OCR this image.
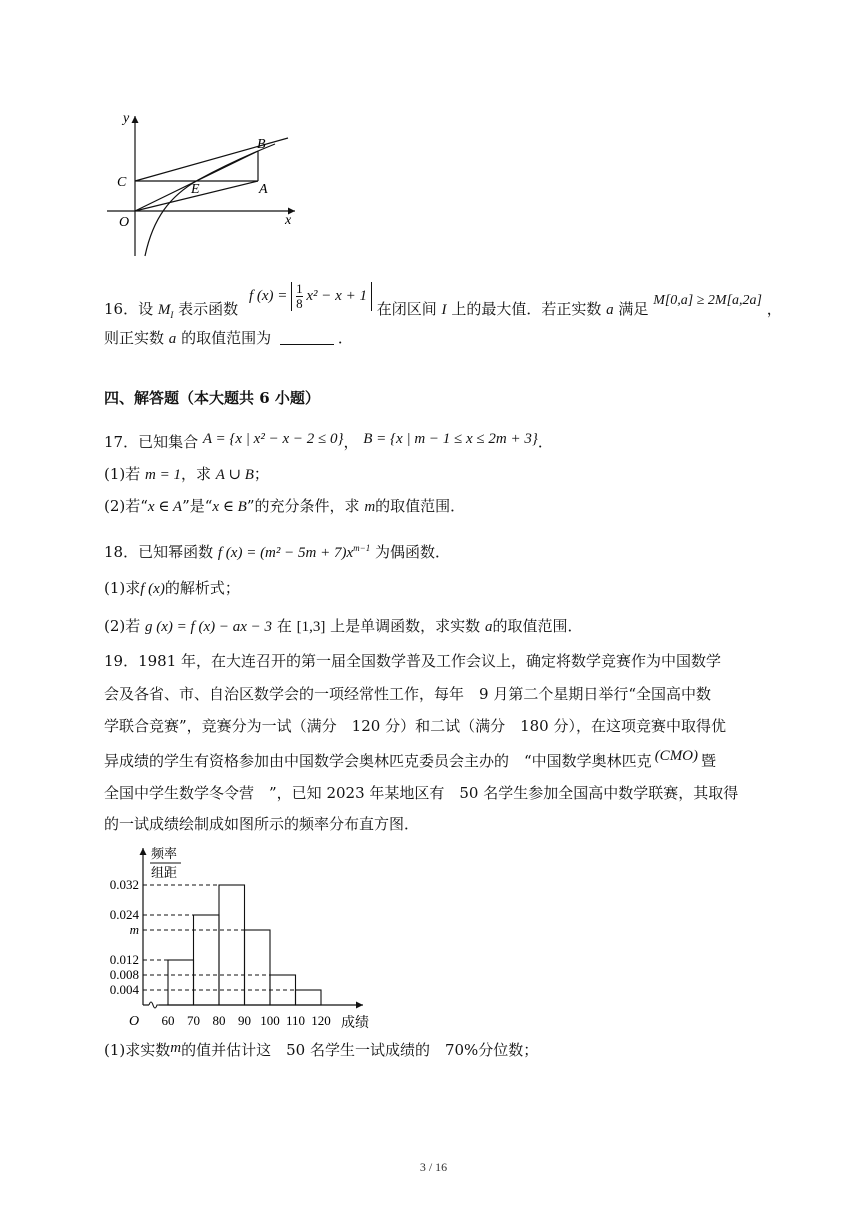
y
x
B
C	E	A
O
16．设 $M_I$ 表示函数 f $(x) = \frac{1}{8} x^2 - x + 1$ 在闭区间 I 上的最大值．若正实数 a 满足 M[0,a] ≥ 2M[a,2a] ，
则正实数 a 的取值范围为	．
四、解答题（本大题共 6 小题）
17．已知集合 A = {x | x² − x − 2 ≤ 0}， B = {x | m − 1 ≤ x ≤ 2m + 3}．
(1)若 m = 1，求 A ∪ B；
(2)若“x ∈ A”是“x ∈ B”的充分条件，求 m的取值范围．
18．已知幂函数 f $(x) = (m^2 - 5m + 7)x^{m-1}$ 为偶函数．
(1)求f (x)的解析式；
(2)若 g (x) = f (x) − ax − 3 在 [1,3] 上是单调函数，求实数 a的取值范围．
19．1981 年，在大连召开的第一届全国数学普及工作会议上，确定将数学竞赛作为中国数学
会及各省、市、自治区数学会的一项经常性工作，每年　9 月第二个星期日举行“全国高中数
学联合竞赛”，竞赛分为一试（满分　120 分）和二试（满分　180 分），在这项竞赛中取得优
异成绩的学生有资格参加由中国数学会奥林匹克委员会主办的　“中国数学奥林匹克 (CMO) 暨
全国中学生数学冬令营　”，已知 2023 年某地区有　50 名学生参加全国高中数学联赛，其取得
的一试成绩绘制成如图所示的频率分布直方图．
0.032
0.024
m
0.012
0.008
0.004
60 70 80 90 100 110 120
O	成绩
频率
组距
(1)求实数m的值并估计这　50 名学生一试成绩的　70%分位数；
3 / 16
